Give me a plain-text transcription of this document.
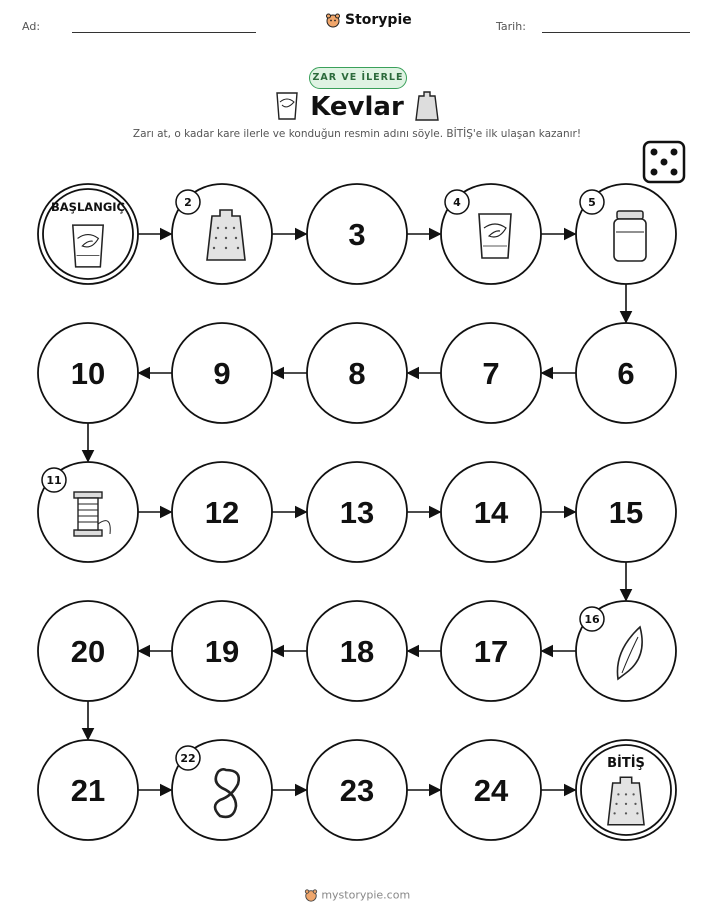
Ad:	Tarih:
Storypie
ZAR VE İLERLE
Kevlar
Zarı at, o kadar kare ilerle ve konduğun resmin adını söyle. BİTİŞ'e ilk ulaşan kazanır!
BAŞLANGIÇ	2
3
4	5
6
7
8
9
10
11
12	13	14	15
16
17
18
19
20
21
22
23	24
BİTİŞ
mystorypie.com
